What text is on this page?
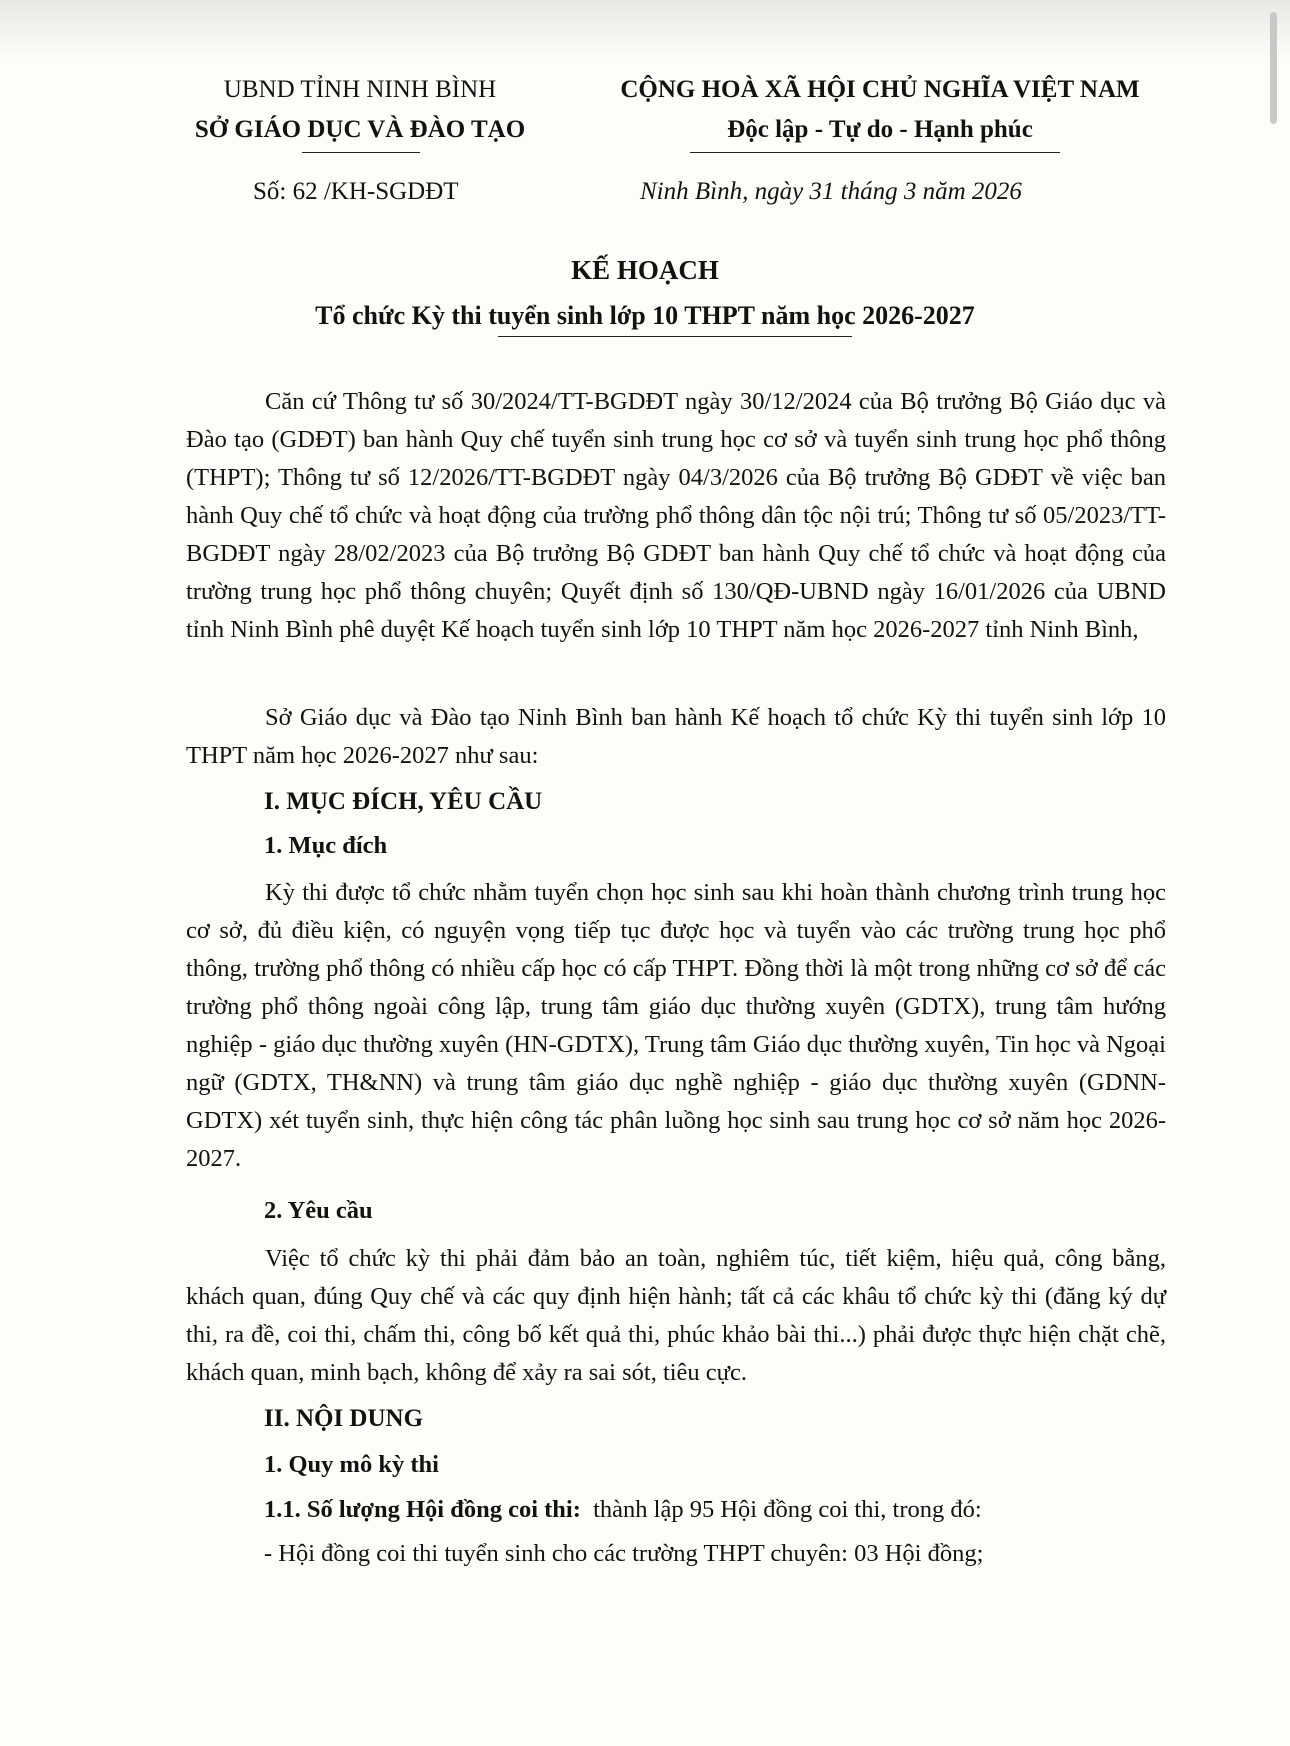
UBND TỈNH NINH BÌNH
SỞ GIÁO DỤC VÀ ĐÀO TẠO
CỘNG HOÀ XÃ HỘI CHỦ NGHĨA VIỆT NAM
Độc lập - Tự do - Hạnh phúc
Số: 62 /KH-SGDĐT	Ninh Bình, ngày 31 tháng 3 năm 2026
KẾ HOẠCH
Tổ chức Kỳ thi tuyển sinh lớp 10 THPT năm học 2026-2027
Căn cứ Thông tư số 30/2024/TT-BGDĐT ngày 30/12/2024 của Bộ trưởng Bộ Giáo dục và Đào tạo (GDĐT) ban hành Quy chế tuyển sinh trung học cơ sở và tuyển sinh trung học phổ thông (THPT); Thông tư số 12/2026/TT-BGDĐT ngày 04/3/2026 của Bộ trưởng Bộ GDĐT về việc ban hành Quy chế tổ chức và hoạt động của trường phổ thông dân tộc nội trú; Thông tư số 05/2023/TT-BGDĐT ngày 28/02/2023 của Bộ trưởng Bộ GDĐT ban hành Quy chế tổ chức và hoạt động của trường trung học phổ thông chuyên; Quyết định số 130/QĐ-UBND ngày 16/01/2026 của UBND tỉnh Ninh Bình phê duyệt Kế hoạch tuyển sinh lớp 10 THPT năm học 2026-2027 tỉnh Ninh Bình,
Sở Giáo dục và Đào tạo Ninh Bình ban hành Kế hoạch tổ chức Kỳ thi tuyển sinh lớp 10 THPT năm học 2026-2027 như sau:
I. MỤC ĐÍCH, YÊU CẦU
1. Mục đích
Kỳ thi được tổ chức nhằm tuyển chọn học sinh sau khi hoàn thành chương trình trung học cơ sở, đủ điều kiện, có nguyện vọng tiếp tục được học và tuyển vào các trường trung học phổ thông, trường phổ thông có nhiều cấp học có cấp THPT. Đồng thời là một trong những cơ sở để các trường phổ thông ngoài công lập, trung tâm giáo dục thường xuyên (GDTX), trung tâm hướng nghiệp - giáo dục thường xuyên (HN-GDTX), Trung tâm Giáo dục thường xuyên, Tin học và Ngoại ngữ (GDTX, TH&NN) và trung tâm giáo dục nghề nghiệp - giáo dục thường xuyên (GDNN-GDTX) xét tuyển sinh, thực hiện công tác phân luồng học sinh sau trung học cơ sở năm học 2026-2027.
2. Yêu cầu
Việc tổ chức kỳ thi phải đảm bảo an toàn, nghiêm túc, tiết kiệm, hiệu quả, công bằng, khách quan, đúng Quy chế và các quy định hiện hành; tất cả các khâu tổ chức kỳ thi (đăng ký dự thi, ra đề, coi thi, chấm thi, công bố kết quả thi, phúc khảo bài thi...) phải được thực hiện chặt chẽ, khách quan, minh bạch, không để xảy ra sai sót, tiêu cực.
II. NỘI DUNG
1. Quy mô kỳ thi
1.1. Số lượng Hội đồng coi thi: thành lập 95 Hội đồng coi thi, trong đó:
- Hội đồng coi thi tuyển sinh cho các trường THPT chuyên: 03 Hội đồng;
